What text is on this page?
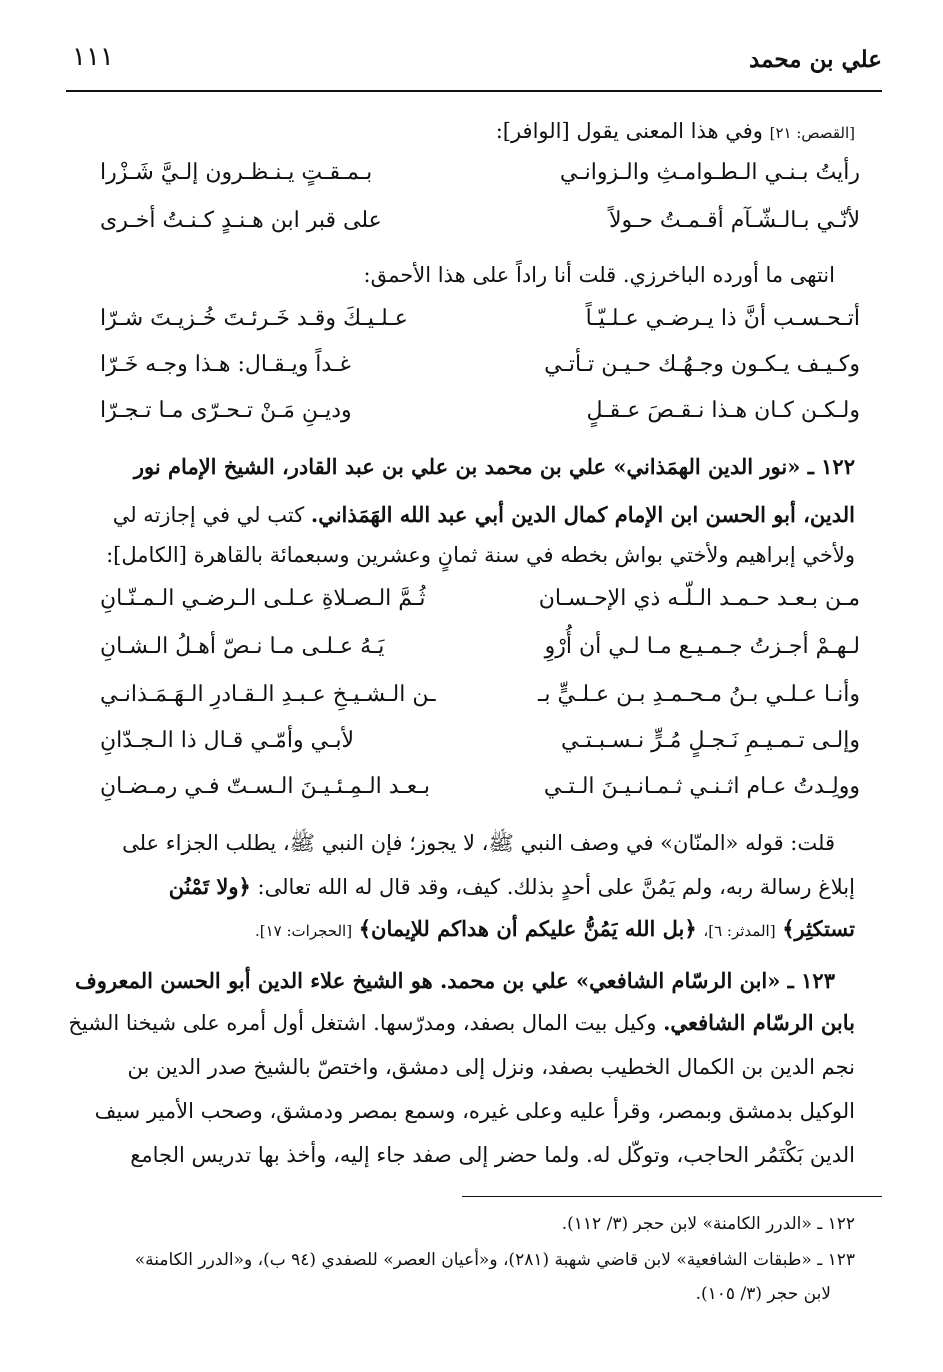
علي بن محمد
١١١
[القصص: ٢١] وفي هذا المعنى يقول [الوافر]:
رأيتُ بـنـي الـطـوامـثِ والـزوانـي
بـمـقـتٍ يـنـظـرون إلـيَّ شَـزْرا
لأنّـي بـالـشّـآم أقـمـتُ حـولاً
على قبر ابن هـنـدٍ كـنـتُ أخـرى
انتهى ما أورده الباخرزي. قلت أنا راداً على هذا الأحمق:
أتـحـسـب أنَّ ذا يـرضـي عـلـيّـاً
عـلـيـكَ وقـد خَـرئـتَ خُـزيـتَ شـرّا
وكـيـف يـكـون وجـهُـك حـيـن تـأتـي
غـداً ويـقـال: هـذا وجـه خَـرّا
ولـكـن كـان هـذا نـقـصَ عـقـلٍ
وديـنِ مَـنْ تـحـرّى مـا تـجـرّا
١٢٢ ـ «نور الدين الهمَذاني» علي بن محمد بن علي بن عبد القادر، الشيخ الإمام نور
الدين، أبو الحسن ابن الإمام كمال الدين أبي عبد الله الهَمَذاني. كتب لي في إجازته لي
ولأخي إبراهيم ولأختي بواش بخطه في سنة ثمانٍ وعشرين وسبعمائة بالقاهرة [الكامل]:
مـن بـعـد حـمـد الـلّـه ذي الإحـسـان
ثُـمَّ الـصـلاةِ عـلـى الـرضـي الـمـنّـانِ
لـهـمْ أجـزتُ جـمـيـع مـا لـي أن أُرْوِ
يَـهُ عـلـى مـا نـصّ أهـلُ الـشـانِ
وأنـا عـلـي بـنُ مـحـمـدِ بـن عـلـيٍّ بـ
ـن الـشـيـخِ عـبـدِ الـقـادرِ الـهَـمَـذانـي
وإلـى تـمـيـمِ نَـجـلٍ مُـرٍّ نـسـبـتـي
لأبـي وأمّـي قـال ذا الـجـدّانِ
وولِـدتُ عـام اثـنـي ثـمـانـيـنَ الـتـي
بـعـد الـمِـئـيـنَ الـسـتّ فـي رمـضـانِ
قلت: قوله «المنّان» في وصف النبي ﷺ، لا يجوز؛ فإن النبي ﷺ، يطلب الجزاء على
إبلاغ رسالة ربه، ولم يَمُنَّ على أحدٍ بذلك. كيف، وقد قال له الله تعالى: ﴿ولا تَمْنُن
تستكثِر﴾ [المدثر: ٦]، ﴿بل الله يَمُنُّ عليكم أن هداكم للإيمان﴾ [الحجرات: ١٧].
١٢٣ ـ «ابن الرسّام الشافعي» علي بن محمد. هو الشيخ علاء الدين أبو الحسن المعروف
بابن الرسّام الشافعي. وكيل بيت المال بصفد، ومدرّسها. اشتغل أول أمره على شيخنا الشيخ
نجم الدين بن الكمال الخطيب بصفد، ونزل إلى دمشق، واختصّ بالشيخ صدر الدين بن
الوكيل بدمشق وبمصر، وقرأ عليه وعلى غيره، وسمع بمصر ودمشق، وصحب الأمير سيف
الدين بَكْتَمُر الحاجب، وتوكّل له. ولما حضر إلى صفد جاء إليه، وأخذ بها تدريس الجامع
١٢٢ ـ «الدرر الكامنة» لابن حجر (٣/ ١١٢).
١٢٣ ـ «طبقات الشافعية» لابن قاضي شهبة (٢٨١)، و«أعيان العصر» للصفدي (٩٤ ب)، و«الدرر الكامنة»
لابن حجر (٣/ ١٠٥).
